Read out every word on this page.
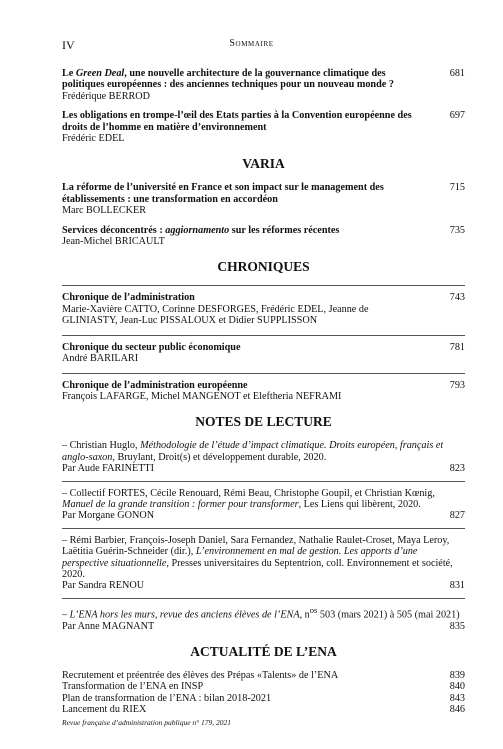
IV	Sommaire
Le Green Deal, une nouvelle architecture de la gouvernance climatique des politiques européennes : des anciennes techniques pour un nouveau monde ?
681
Frédérique BERROD
Les obligations en trompe-l’œil des États parties à la Convention européenne des droits de l’homme en matière d’environnement
697
Frédéric EDEL
VARIA
La réforme de l’université en France et son impact sur le management des établissements : une transformation en accordéon
715
Marc BOLLECKER
Services déconcentrés : aggiornamento sur les réformes récentes	735
Jean-Michel BRICAULT
CHRONIQUES
Chronique de l’administration	743
Marie-Xavière CATTO, Corinne DESFORGES, Frédéric EDEL, Jeanne de GLINIASTY, Jean-Luc PISSALOUX et Didier SUPPLISSON
Chronique du secteur public économique	781
André BARILARI
Chronique de l’administration européenne	793
François LAFARGE, Michel MANGENOT et Eleftheria NEFRAMI
NOTES DE LECTURE
– Christian Huglo, Méthodologie de l’étude d’impact climatique. Droits européen, français et anglo-saxon, Bruylant, Droit(s) et développement durable, 2020.
Par Aude FARINETTI	823
– Collectif FORTES, Cécile Renouard, Rémi Beau, Christophe Goupil, et Christian Kœnig, Manuel de la grande transition : former pour transformer, Les Liens qui libèrent, 2020.
Par Morgane GONON	827
– Rémi Barbier, François-Joseph Daniel, Sara Fernandez, Nathalie Raulet-Croset, Maya Leroy, Laëtitia Guérin-Schneider (dir.), L’environnement en mal de gestion. Les apports d’une perspective situationnelle, Presses universitaires du Septentrion, coll. Environnement et société, 2020.
Par Sandra RENOU	831
– L’ENA hors les murs, revue des anciens élèves de l’ENA, $n^{os}$ 503 (mars 2021) à 505 (mai 2021)
Par Anne MAGNANT	835
ACTUALITÉ DE L’ENA
Recrutement et préentrée des élèves des Prépas «Talents» de l’ENA	839
Transformation de l’ENA en INSP	840
Plan de transformation de l’ENA : bilan 2018-2021	843
Lancement du RIEX	846
Revue française d’administration publique n° 179, 2021
